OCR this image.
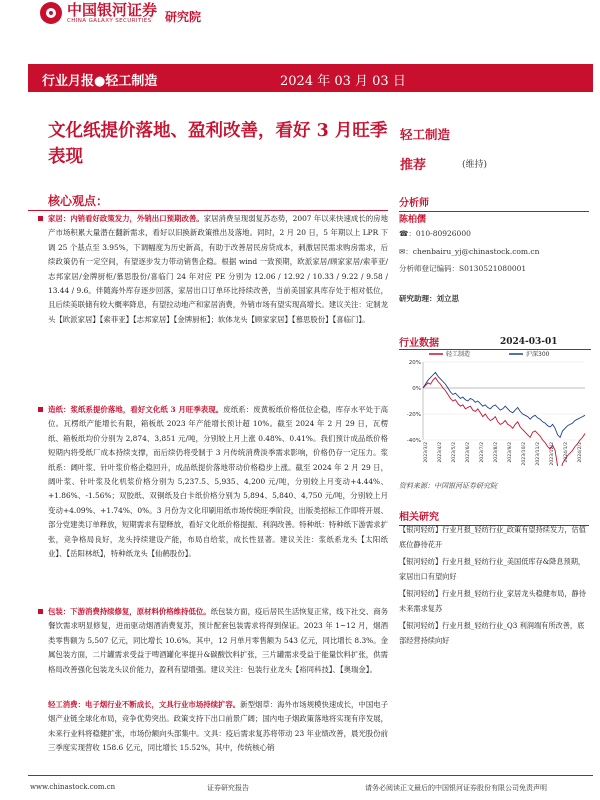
中国银河证券
CHINA GALAXY SECURITIES	研究院
行业月报●轻工制造	2024 年 03 月 03 日
文化纸提价落地、盈利改善，看好 3 月旺季表现
轻工制造
推荐	(维持)
分析师
陈柏儒
☎：010-80926000
✉：chenbairu_yj@chinastock.com.cn
分析师登记编码：S0130521080001
研究助理：刘立思
行业数据	2024-03-01
轻工制造	沪深300
20%
0%
-20%
-40%
2023/3/2 2023/4/2 2023/5/2 2023/6/2 2023/7/2 2023/8/2 2023/9/2 2023/10/2 2023/11/2 2023/12/2 2024/1/2 2024/2/2
资料来源：中国银河证券研究院
相关研究
【银河轻纺】行业月报_轻纺行业_政策有望持续发力，估值底位静待花开
【银河轻纺】行业月报_轻纺行业_美国低库存&降息预期，家居出口有望向好
【银河轻纺】行业月报_轻纺行业_家居龙头稳健布局，静待未来需求复苏
【银河轻纺】行业月报_轻纺行业_Q3 利润端有所改善，底部经营持续向好
核心观点：
家居：内销看好政策发力，外销出口预期改善。家居消费呈现弱复苏态势，2007 年以来快速成长的房地产市场积累大量潜在翻新需求，看好以旧换新政策推出及落地。同时，2 月 20 日，5 年期以上 LPR 下调 25 个基点至 3.95%，下调幅度为历史新高，有助于改善居民房贷成本，刺激居民需求购房需求，后续政策仍有一定空间，有望逐步发力带动销售企稳。根据 wind 一致预期，欧派家居/顾家家居/索菲亚/志邦家居/金牌厨柜/慕思股份/喜临门 24 年对应 PE 分别为 12.06 / 12.92 / 10.33 / 9.22 / 9.58 / 13.44 / 9.6。伴随海外库存逐步回落，家居出口订单环比持续改善，当前美国家具库存处于相对低位，且后续美联储有较大概率降息，有望拉动地产和家居消费，外销市场有望实现高增长。建议关注：定制龙头【欧派家居】【索菲亚】【志邦家居】【金牌厨柜】；软体龙头【顾家家居】【慕思股份】【喜临门】。
造纸：浆纸系提价落地，看好文化纸 3 月旺季表现。废纸系：废黄板纸价格低位企稳，库存水平处于高位。瓦楞纸产能增长有限，箱板纸 2023 年产能增长预计超 10%。截至 2024 年 2 月 29 日，瓦楞纸、箱板纸均价分别为 2,874、3,851 元/吨，分别较上月上涨 0.48%、0.41%。我们预计成品纸价格短期内将受纸厂成本持续支撑，而后续仍将受制于 3 月传统消费淡季需求影响，价格仍存一定压力。浆纸系：阔叶浆、针叶浆价格企稳回升，成品纸提价落地带动价格稳步上涨。截至 2024 年 2 月 29 日，阔叶浆、针叶浆及化机浆价格分别为 5,237.5、5,935、4,200 元/吨，分别较上月变动+4.44%、+1.86%、-1.56%；双胶纸、双铜纸及白卡纸价格分别为 5,894、5,840、4,750 元/吨，分别较上月变动+4.09%、+1.74%、0%。3 月份为文化印刷用纸市场传统旺季阶段，出版类招标工作即将开展、部分党建类订单释放，短期需求有望释放，看好文化纸价格提振、利润改善。特种纸：特种纸下游需求扩张，竞争格局良好，龙头持续建设产能，布局自给浆，成长性显著。建议关注：浆纸系龙头【太阳纸业】、【岳阳林纸】，特种纸龙头【仙鹤股份】。
包装：下游消费持续修复，原材料价格维持低位。纸包装方面，疫后居民生活恢复正常，线下社交、商务餐饮需求明显修复，进而驱动烟酒消费复苏，预计配套包装需求将得到保证。2023 年 1~12 月，烟酒类零售额为 5,507 亿元，同比增长 10.6%。其中，12 月单月零售额为 543 亿元，同比增长 8.3%。金属包装方面，二片罐需求受益于啤酒罐化率提升&碳酸饮料扩张，三片罐需求受益于能量饮料扩张，供需格局改善强化包装龙头议价能力，盈利有望增强。建议关注：包装行业龙头【裕同科技】、【奥瑞金】。
轻工消费：电子烟行业不断成长，文具行业市场持续扩容。新型烟草：海外市场规模快速成长，中国电子烟产业链全球化布局，竞争优势突出。政策支持下出口前景广阔；国内电子烟政策落地将实现有序发展，未来行业料将稳健扩张，市场份额向头部集中。文具：疫后需求复苏将带动 23 年业绩改善，晨光股份前三季度实现营收 158.6 亿元，同比增长 15.52%，其中，传统核心销
www.chinastock.com.cn	证券研究报告	请务必阅读正文最后的中国银河证券股份有限公司免责声明
